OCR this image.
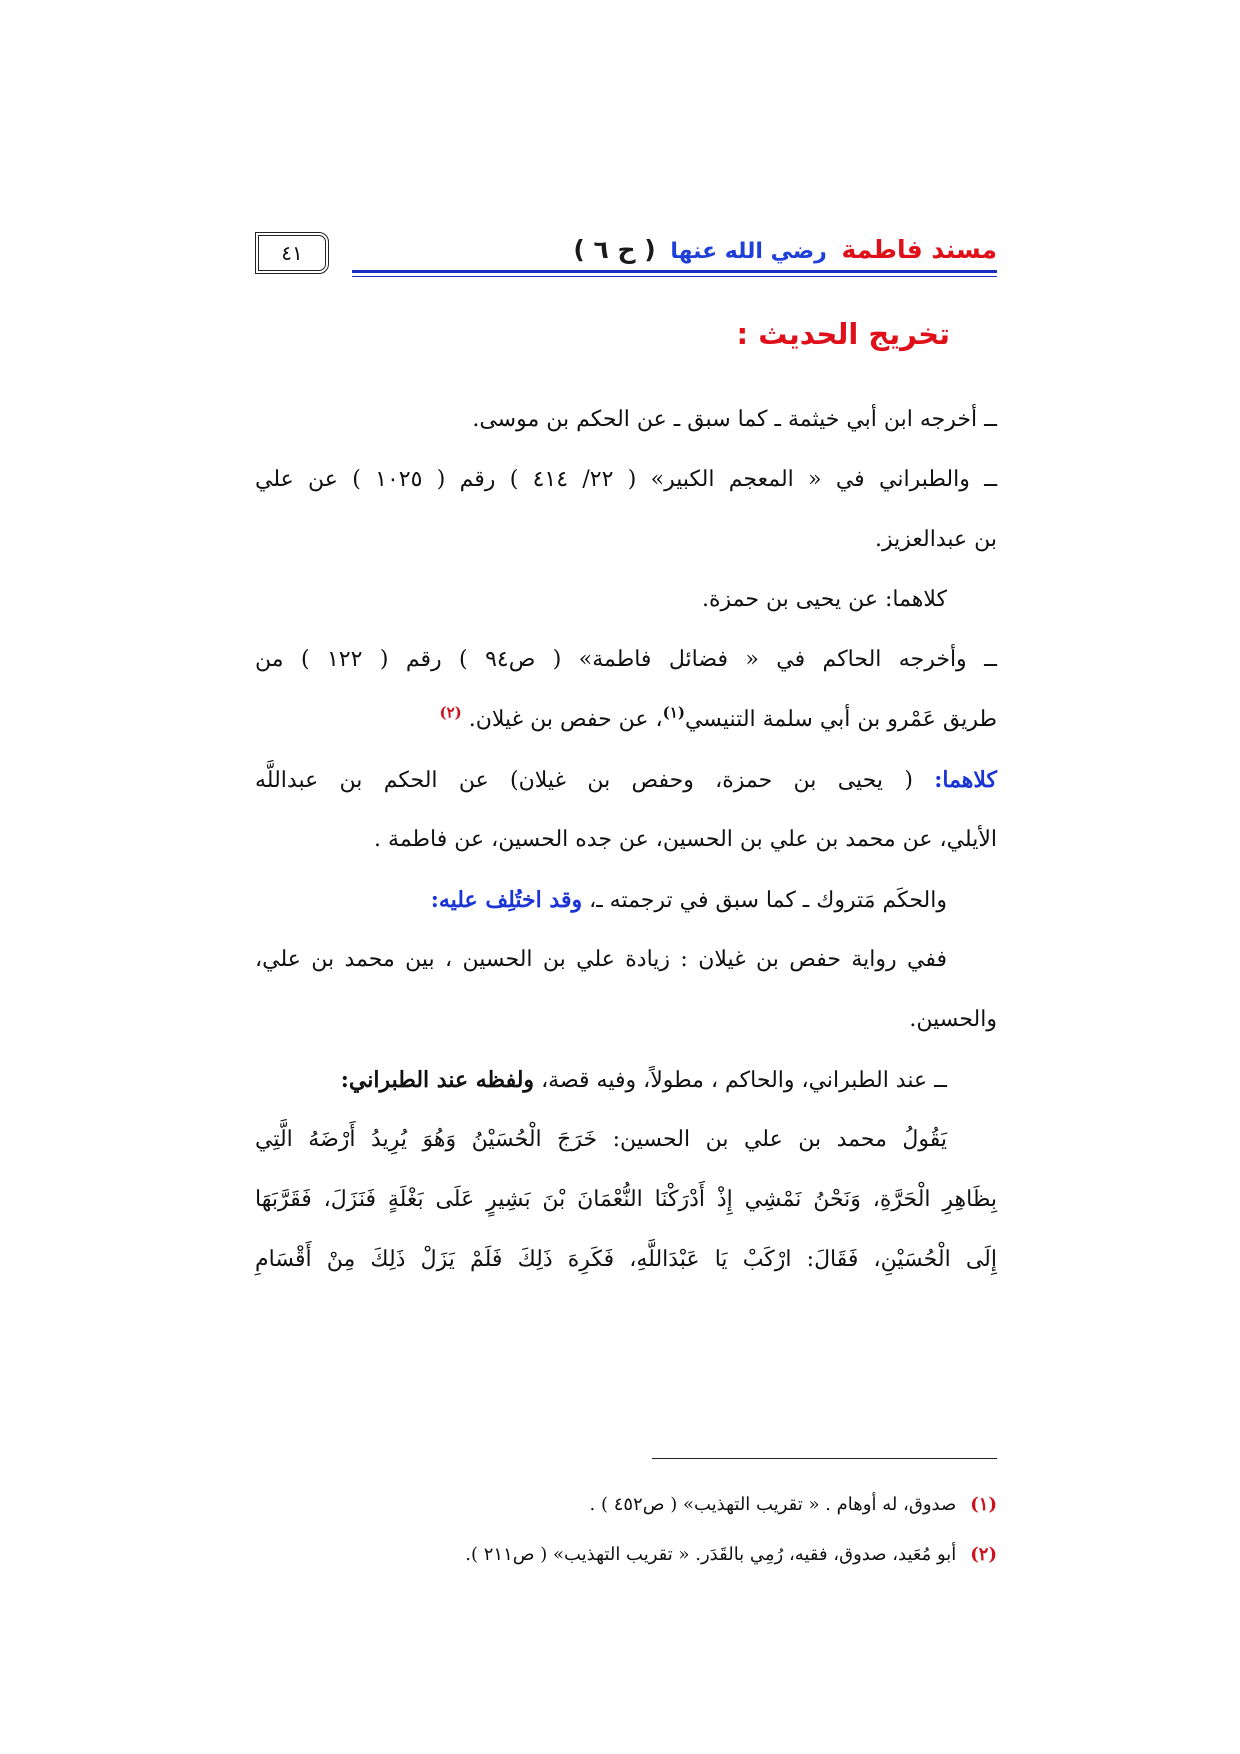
مسند فاطمة رضي الله عنها ( ح ٦ )
٤١
تخريج الحديث :
ــ أخرجه ابن أبي خيثمة ـ كما سبق ـ عن الحكم بن موسى.
ــ والطبراني في « المعجم الكبير» ( ٢٢/ ٤١٤ ) رقم ( ١٠٢٥ ) عن علي
بن عبدالعزيز.
كلاهما: عن يحيى بن حمزة.
ــ وأخرجه الحاكم في « فضائل فاطمة» ( ص٩٤ ) رقم ( ١٢٢ ) من
طريق عَمْرو بن أبي سلمة التنيسي$^{(١)}$، عن حفص بن غيلان. $^{(٢)}$
كلاهما: ( يحيى بن حمزة، وحفص بن غيلان) عن الحكم بن عبداللَّه
الأيلي، عن محمد بن علي بن الحسين، عن جده الحسين، عن فاطمة .
والحكَم مَتروك ـ كما سبق في ترجمته ـ، وقد اختُلِف عليه:
ففي رواية حفص بن غيلان : زيادة علي بن الحسين ، بين محمد بن علي،
والحسين.
ــ عند الطبراني، والحاكم ، مطولاً، وفيه قصة، ولفظه عند الطبراني:
يَقُولُ محمد بن علي بن الحسين: خَرَجَ الْحُسَيْنُ وَهُوَ يُرِيدُ أَرْضَهُ الَّتِي
بِظَاهِرِ الْحَرَّةِ، وَنَحْنُ نَمْشِي إِذْ أَدْرَكْنَا النُّعْمَانَ بْنَ بَشِيرٍ عَلَى بَغْلَةٍ فَنَزَلَ، فَقَرَّبَهَا
إِلَى الْحُسَيْنِ، فَقَالَ: ارْكَبْ يَا عَبْدَاللَّهِ، فَكَرِهَ ذَلِكَ فَلَمْ يَزَلْ ذَلِكَ مِنْ أَقْسَامِ
(١)صدوق، له أوهام . « تقريب التهذيب» ( ص٤٥٢ ) .
(٢)أبو مُعَيد، صدوق، فقيه، رُمِي بالقَدَر. « تقريب التهذيب» ( ص٢١١ ).
